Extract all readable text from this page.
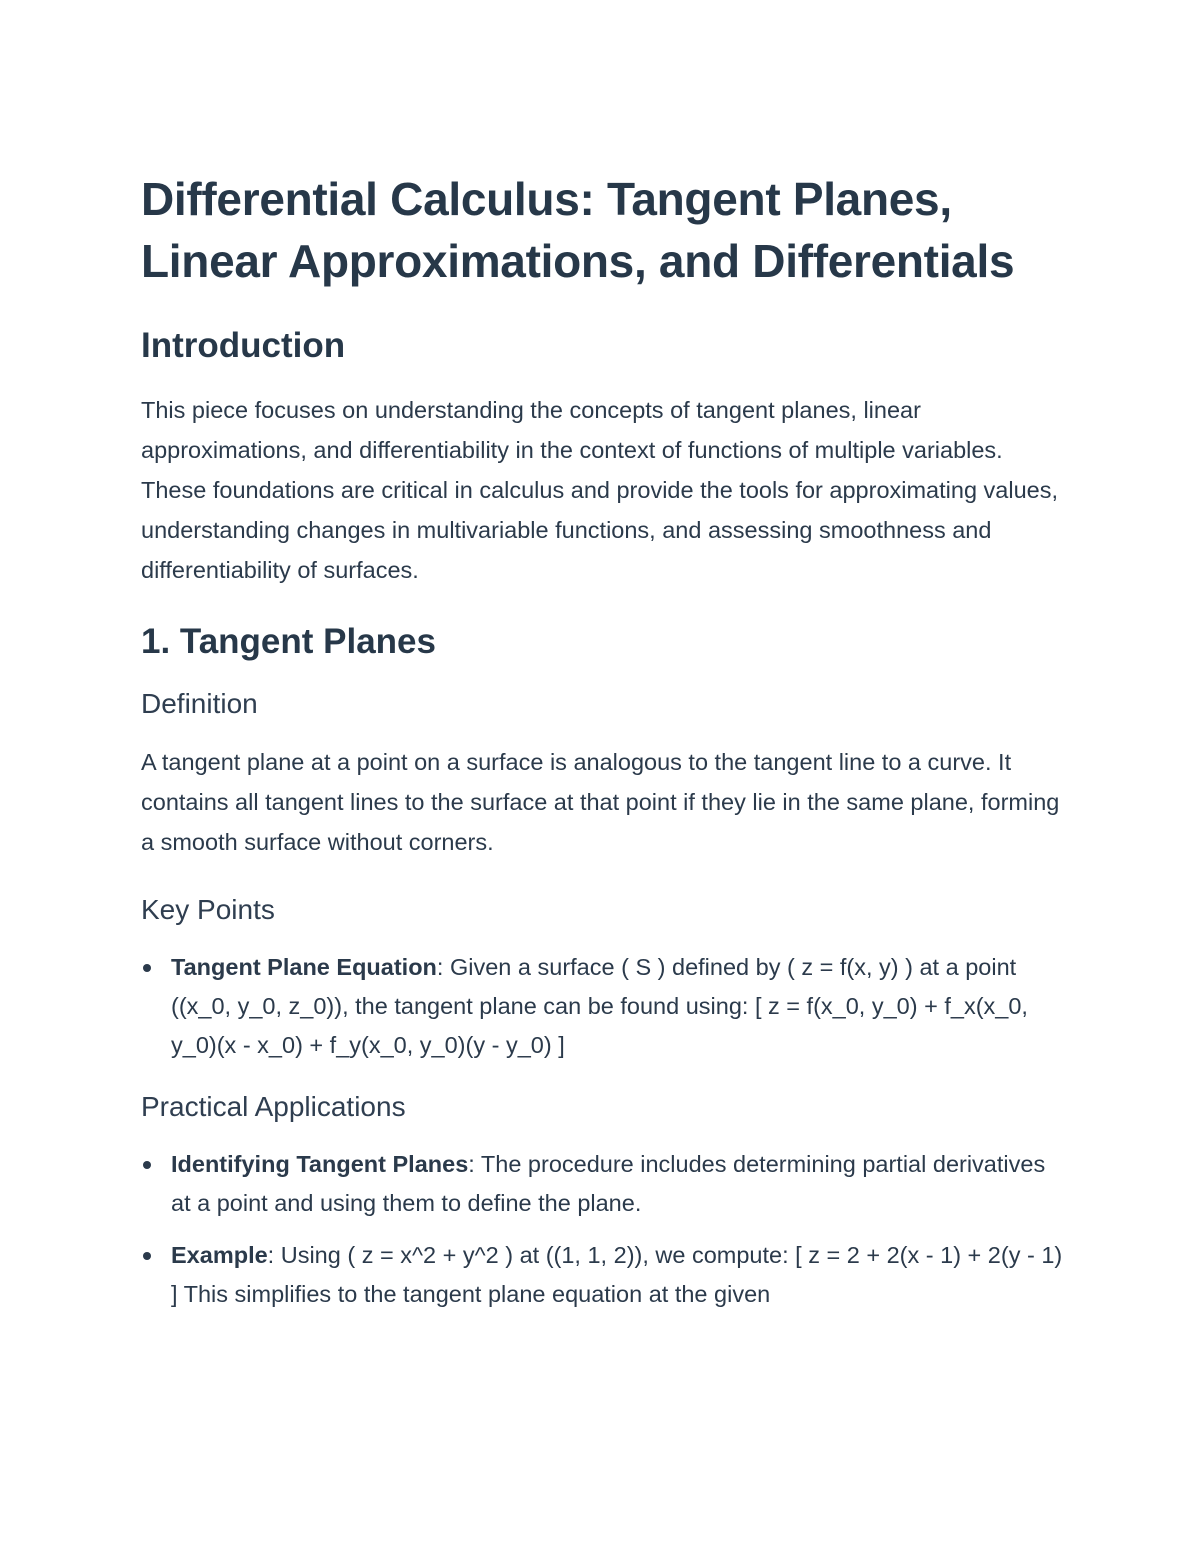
Differential Calculus: Tangent Planes, Linear Approximations, and Differentials
Introduction

This piece focuses on understanding the concepts of tangent planes, linear approximations, and differentiability in the context of functions of multiple variables. These foundations are critical in calculus and provide the tools for approximating values, understanding changes in multivariable functions, and assessing smoothness and differentiability of surfaces.

1. Tangent Planes
Definition

A tangent plane at a point on a surface is analogous to the tangent line to a curve. It contains all tangent lines to the surface at that point if they lie in the same plane, forming a smooth surface without corners.

Key Points
Tangent Plane Equation: Given a surface ( S ) defined by ( z = f(x, y) ) at a point ((x_0, y_0, z_0)), the tangent plane can be found using: [ z = f(x_0, y_0) + f_x(x_0, y_0)(x - x_0) + f_y(x_0, y_0)(y - y_0) ]
Practical Applications
Identifying Tangent Planes: The procedure includes determining partial derivatives at a point and using them to define the plane.
Example: Using ( z = x^2 + y^2 ) at ((1, 1, 2)), we compute: [ z = 2 + 2(x - 1) + 2(y - 1) ] This simplifies to the tangent plane equation at the given
